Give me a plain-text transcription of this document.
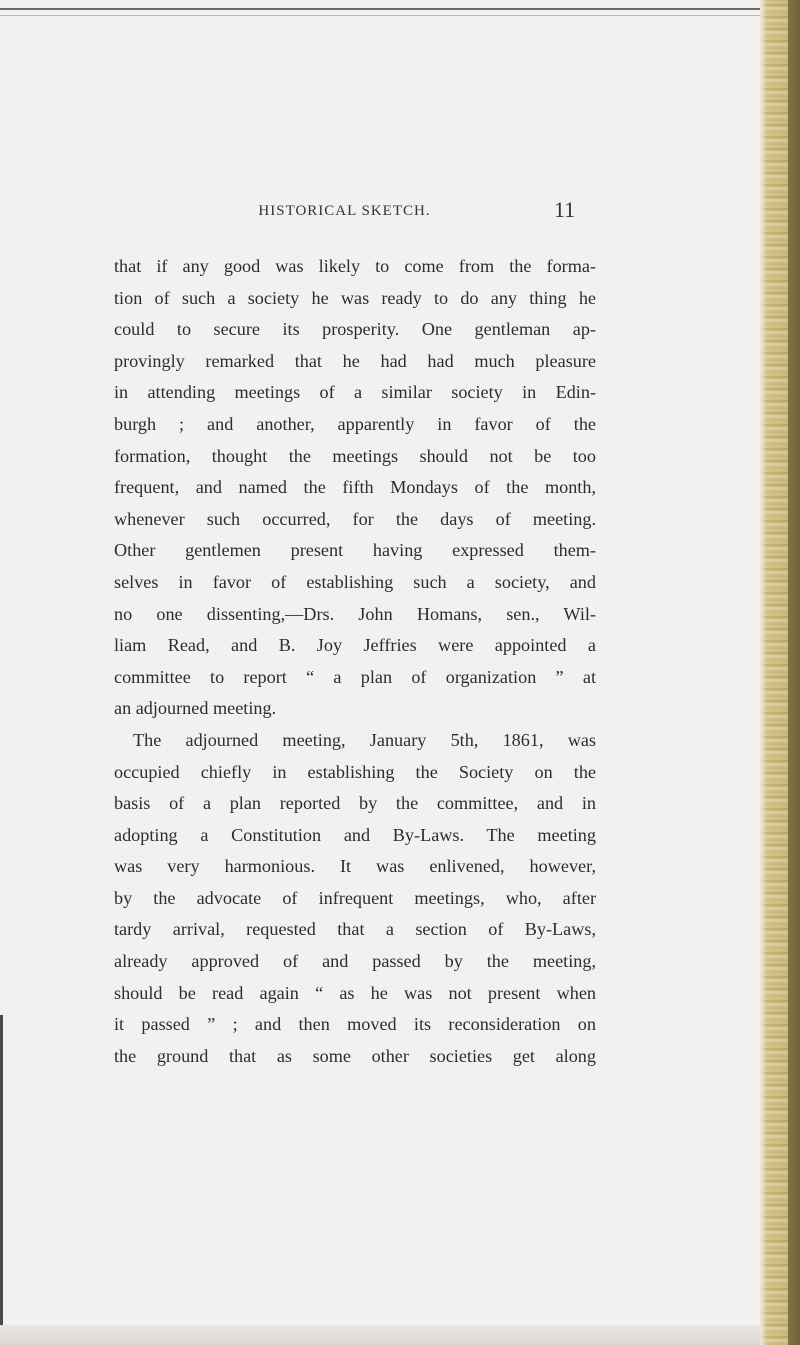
HISTORICAL SKETCH.	11
that if any good was likely to come from the forma-
tion of such a society he was ready to do any thing he
could to secure its prosperity. One gentleman ap-
provingly remarked that he had had much pleasure
in attending meetings of a similar society in Edin-
burgh ; and another, apparently in favor of the
formation, thought the meetings should not be too
frequent, and named the fifth Mondays of the month,
whenever such occurred, for the days of meeting.
Other gentlemen present having expressed them-
selves in favor of establishing such a society, and
no one dissenting,—Drs. John Homans, sen., Wil-
liam Read, and B. Joy Jeffries were appointed a
committee to report “ a plan of organization ” at
an adjourned meeting.
The adjourned meeting, January 5th, 1861, was
occupied chiefly in establishing the Society on the
basis of a plan reported by the committee, and in
adopting a Constitution and By-Laws. The meeting
was very harmonious. It was enlivened, however,
by the advocate of infrequent meetings, who, after
tardy arrival, requested that a section of By-Laws,
already approved of and passed by the meeting,
should be read again “ as he was not present when
it passed ” ; and then moved its reconsideration on
the ground that as some other societies get along
